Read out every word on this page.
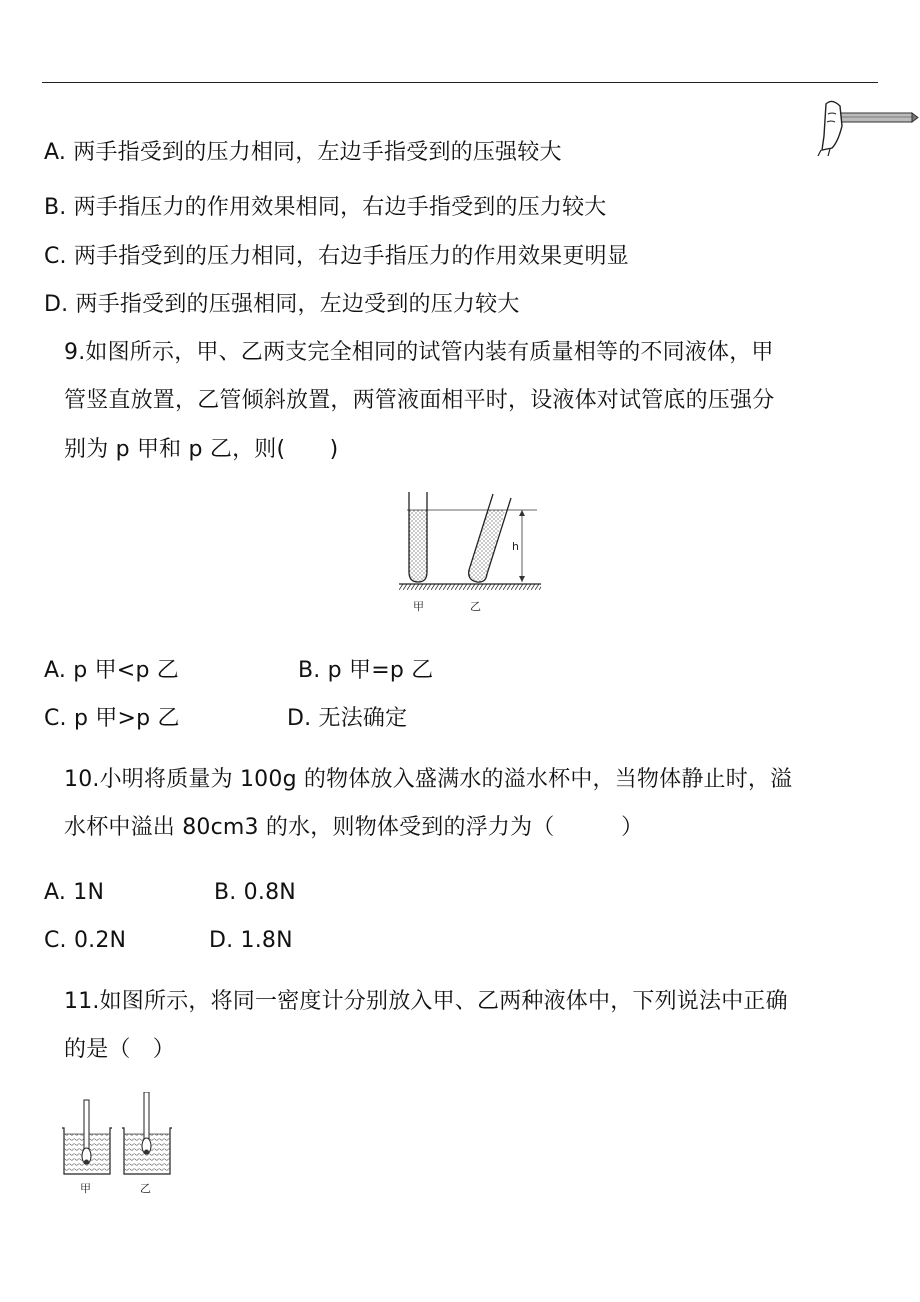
A. 两手指受到的压力相同，左边手指受到的压强较大
B. 两手指压力的作用效果相同，右边手指受到的压力较大
C. 两手指受到的压力相同，右边手指压力的作用效果更明显
D. 两手指受到的压强相同，左边受到的压力较大
9.如图所示，甲、乙两支完全相同的试管内装有质量相等的不同液体，甲
管竖直放置，乙管倾斜放置，两管液面相平时，设液体对试管底的压强分
别为 p 甲和 p 乙，则(　　)
h
甲	乙
A. p 甲<p 乙	B. p 甲=p 乙
C. p 甲>p 乙	D. 无法确定
10.小明将质量为 100g 的物体放入盛满水的溢水杯中，当物体静止时，溢
水杯中溢出 80cm3 的水，则物体受到的浮力为（　　　）
A. 1N	B. 0.8N
C. 0.2N	D. 1.8N
11.如图所示，将同一密度计分别放入甲、乙两种液体中，下列说法中正确
的是（　）
甲	乙
